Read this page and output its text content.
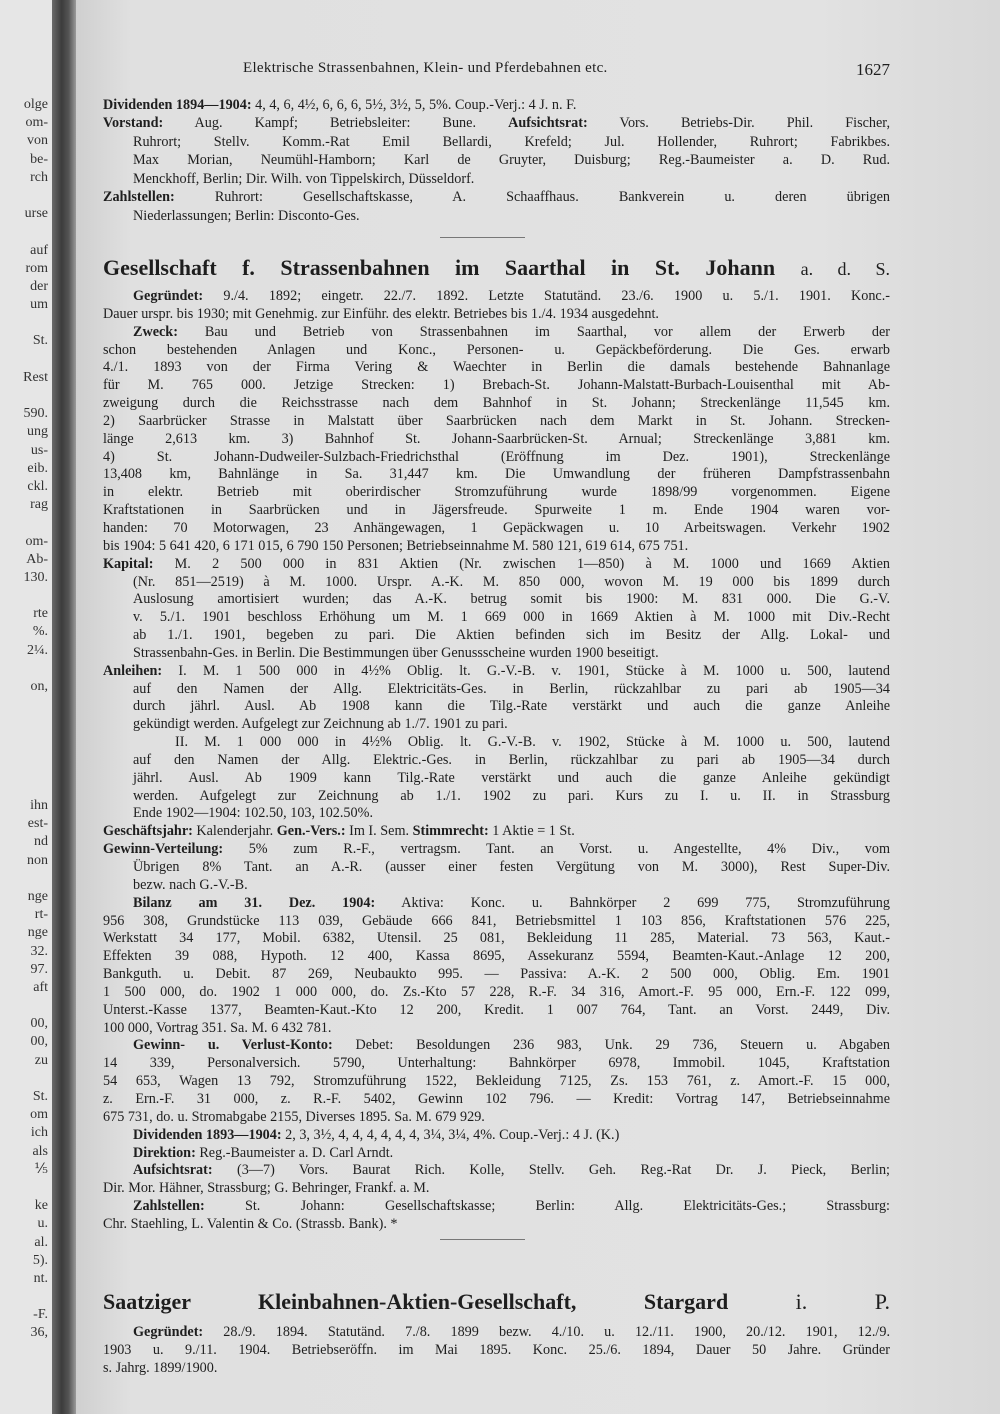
olge
om-
von
be-
rch
urse
auf
rom
der
um
St.
Rest
590.
ung
us-
eib.
ckl.
rag
om-
Ab-
130.
rte
%.
2¼.
on,
ihn
est-
nd
non
nge
rt-
nge
32.
97.
aft
00,
00,
zu
St.
om
ich
als
⅕
ke
u.
al.
5).
nt.
-F.
36,
Elektrische Strassenbahnen, Klein- und Pferdebahnen etc.	1627
Dividenden 1894—1904: 4, 4, 6, 4½, 6, 6, 6, 5½, 3½, 5, 5%. Coup.-Verj.: 4 J. n. F.
Vorstand: Aug. Kampf; Betriebsleiter: Bune. Aufsichtsrat: Vors. Betriebs-Dir. Phil. Fischer,
Ruhrort; Stellv. Komm.-Rat Emil Bellardi, Krefeld; Jul. Hollender, Ruhrort; Fabrikbes.
Max Morian, Neumühl-Hamborn; Karl de Gruyter, Duisburg; Reg.-Baumeister a. D. Rud.
Menckhoff, Berlin; Dir. Wilh. von Tippelskirch, Düsseldorf.
Zahlstellen: Ruhrort: Gesellschaftskasse, A. Schaaffhaus. Bankverein u. deren übrigen
Niederlassungen; Berlin: Disconto-Ges.
Gesellschaft f. Strassenbahnen im Saarthal in St. Johann a. d. S.
Gegründet: 9./4. 1892; eingetr. 22./7. 1892. Letzte Statutänd. 23./6. 1900 u. 5./1. 1901. Konc.-
Dauer urspr. bis 1930; mit Genehmig. zur Einführ. des elektr. Betriebes bis 1./4. 1934 ausgedehnt.
Zweck: Bau und Betrieb von Strassenbahnen im Saarthal, vor allem der Erwerb der
schon bestehenden Anlagen und Konc., Personen- u. Gepäckbeförderung. Die Ges. erwarb
4./1. 1893 von der Firma Vering & Waechter in Berlin die damals bestehende Bahnanlage
für M. 765 000. Jetzige Strecken: 1) Brebach-St. Johann-Malstatt-Burbach-Louisenthal mit Ab-
zweigung durch die Reichsstrasse nach dem Bahnhof in St. Johann; Streckenlänge 11,545 km.
2) Saarbrücker Strasse in Malstatt über Saarbrücken nach dem Markt in St. Johann. Strecken-
länge 2,613 km. 3) Bahnhof St. Johann-Saarbrücken-St. Arnual; Streckenlänge 3,881 km.
4) St. Johann-Dudweiler-Sulzbach-Friedrichsthal (Eröffnung im Dez. 1901), Streckenlänge
13,408 km, Bahnlänge in Sa. 31,447 km. Die Umwandlung der früheren Dampfstrassenbahn
in elektr. Betrieb mit oberirdischer Stromzuführung wurde 1898/99 vorgenommen. Eigene
Kraftstationen in Saarbrücken und in Jägersfreude. Spurweite 1 m. Ende 1904 waren vor-
handen: 70 Motorwagen, 23 Anhängewagen, 1 Gepäckwagen u. 10 Arbeitswagen. Verkehr 1902
bis 1904: 5 641 420, 6 171 015, 6 790 150 Personen; Betriebseinnahme M. 580 121, 619 614, 675 751.
Kapital: M. 2 500 000 in 831 Aktien (Nr. zwischen 1—850) à M. 1000 und 1669 Aktien
(Nr. 851—2519) à M. 1000. Urspr. A.-K. M. 850 000, wovon M. 19 000 bis 1899 durch
Auslosung amortisiert wurden; das A.-K. betrug somit bis 1900: M. 831 000. Die G.-V.
v. 5./1. 1901 beschloss Erhöhung um M. 1 669 000 in 1669 Aktien à M. 1000 mit Div.-Recht
ab 1./1. 1901, begeben zu pari. Die Aktien befinden sich im Besitz der Allg. Lokal- und
Strassenbahn-Ges. in Berlin. Die Bestimmungen über Genussscheine wurden 1900 beseitigt.
Anleihen: I. M. 1 500 000 in 4½% Oblig. lt. G.-V.-B. v. 1901, Stücke à M. 1000 u. 500, lautend
auf den Namen der Allg. Elektricitäts-Ges. in Berlin, rückzahlbar zu pari ab 1905—34
durch jährl. Ausl. Ab 1908 kann die Tilg.-Rate verstärkt und auch die ganze Anleihe
gekündigt werden. Aufgelegt zur Zeichnung ab 1./7. 1901 zu pari.
II. M. 1 000 000 in 4½% Oblig. lt. G.-V.-B. v. 1902, Stücke à M. 1000 u. 500, lautend
auf den Namen der Allg. Elektric.-Ges. in Berlin, rückzahlbar zu pari ab 1905—34 durch
jährl. Ausl. Ab 1909 kann Tilg.-Rate verstärkt und auch die ganze Anleihe gekündigt
werden. Aufgelegt zur Zeichnung ab 1./1. 1902 zu pari. Kurs zu I. u. II. in Strassburg
Ende 1902—1904: 102.50, 103, 102.50%.
Geschäftsjahr: Kalenderjahr. Gen.-Vers.: Im I. Sem. Stimmrecht: 1 Aktie = 1 St.
Gewinn-Verteilung: 5% zum R.-F., vertragsm. Tant. an Vorst. u. Angestellte, 4% Div., vom
Übrigen 8% Tant. an A.-R. (ausser einer festen Vergütung von M. 3000), Rest Super-Div.
bezw. nach G.-V.-B.
Bilanz am 31. Dez. 1904: Aktiva: Konc. u. Bahnkörper 2 699 775, Stromzuführung
956 308, Grundstücke 113 039, Gebäude 666 841, Betriebsmittel 1 103 856, Kraftstationen 576 225,
Werkstatt 34 177, Mobil. 6382, Utensil. 25 081, Bekleidung 11 285, Material. 73 563, Kaut.-
Effekten 39 088, Hypoth. 12 400, Kassa 8695, Assekuranz 5594, Beamten-Kaut.-Anlage 12 200,
Bankguth. u. Debit. 87 269, Neubaukto 995. — Passiva: A.-K. 2 500 000, Oblig. Em. 1901
1 500 000, do. 1902 1 000 000, do. Zs.-Kto 57 228, R.-F. 34 316, Amort.-F. 95 000, Ern.-F. 122 099,
Unterst.-Kasse 1377, Beamten-Kaut.-Kto 12 200, Kredit. 1 007 764, Tant. an Vorst. 2449, Div.
100 000, Vortrag 351. Sa. M. 6 432 781.
Gewinn- u. Verlust-Konto: Debet: Besoldungen 236 983, Unk. 29 736, Steuern u. Abgaben
14 339, Personalversich. 5790, Unterhaltung: Bahnkörper 6978, Immobil. 1045, Kraftstation
54 653, Wagen 13 792, Stromzuführung 1522, Bekleidung 7125, Zs. 153 761, z. Amort.-F. 15 000,
z. Ern.-F. 31 000, z. R.-F. 5402, Gewinn 102 796. — Kredit: Vortrag 147, Betriebseinnahme
675 731, do. u. Stromabgabe 2155, Diverses 1895. Sa. M. 679 929.
Dividenden 1893—1904: 2, 3, 3½, 4, 4, 4, 4, 4, 4, 3¼, 3¼, 4%. Coup.-Verj.: 4 J. (K.)
Direktion: Reg.-Baumeister a. D. Carl Arndt.
Aufsichtsrat: (3—7) Vors. Baurat Rich. Kolle, Stellv. Geh. Reg.-Rat Dr. J. Pieck, Berlin;
Dir. Mor. Hähner, Strassburg; G. Behringer, Frankf. a. M.
Zahlstellen: St. Johann: Gesellschaftskasse; Berlin: Allg. Elektricitäts-Ges.; Strassburg:
Chr. Staehling, L. Valentin & Co. (Strassb. Bank). *
Saatziger Kleinbahnen-Aktien-Gesellschaft, Stargard	i. P.
Gegründet: 28./9. 1894. Statutänd. 7./8. 1899 bezw. 4./10. u. 12./11. 1900, 20./12. 1901, 12./9.
1903 u. 9./11. 1904. Betriebseröffn. im Mai 1895. Konc. 25./6. 1894, Dauer 50 Jahre. Gründer
s. Jahrg. 1899/1900.
